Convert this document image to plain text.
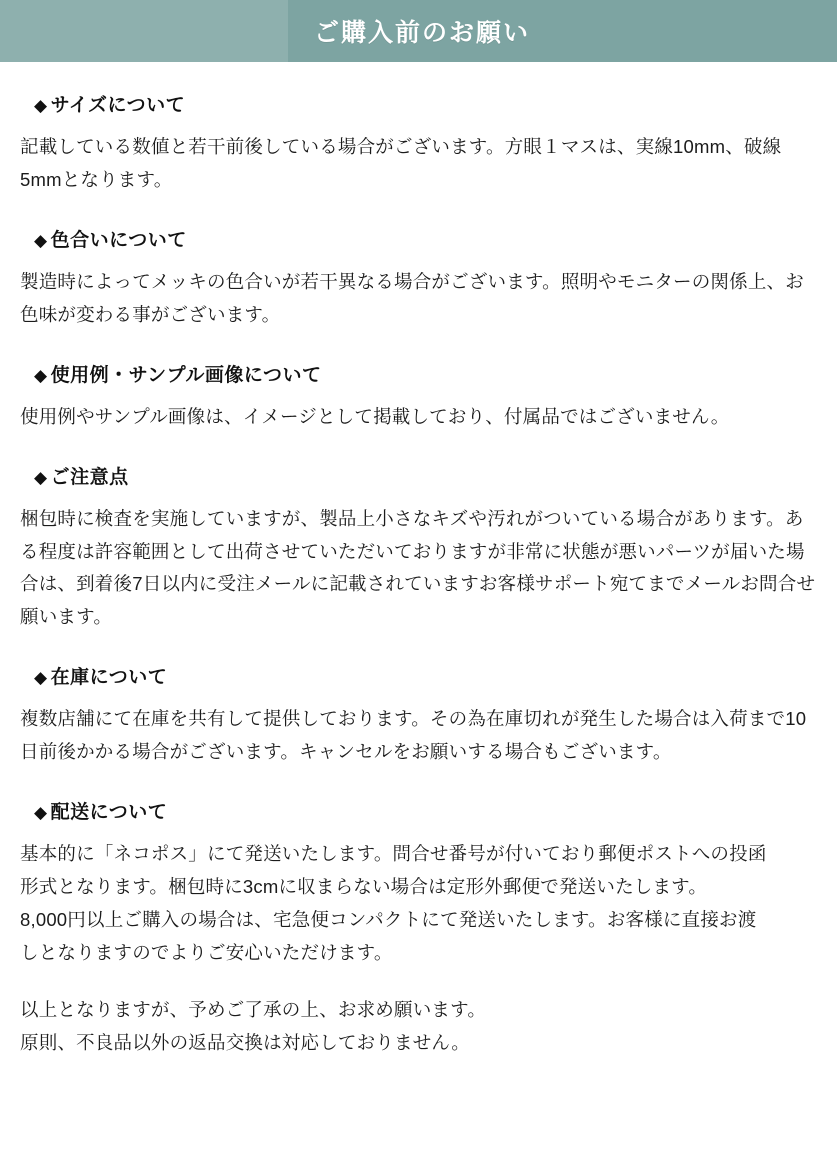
ご購入前のお願い
◆ サイズについて
記載している数値と若干前後している場合がございます。方眼１マスは、実線10mm、破線5mmとなります。
◆ 色合いについて
製造時によってメッキの色合いが若干異なる場合がございます。照明やモニターの関係上、お色味が変わる事がございます。
◆ 使用例・サンプル画像について
使用例やサンプル画像は、イメージとして掲載しており、付属品ではございません。
◆ ご注意点
梱包時に検査を実施していますが、製品上小さなキズや汚れがついている場合があります。ある程度は許容範囲として出荷させていただいておりますが非常に状態が悪いパーツが届いた場合は、到着後7日以内に受注メールに記載されていますお客様サポート宛てまでメールお問合せ願います。
◆ 在庫について
複数店舗にて在庫を共有して提供しております。その為在庫切れが発生した場合は入荷まで10日前後かかる場合がございます。キャンセルをお願いする場合もございます。
◆ 配送について
基本的に「ネコポス」にて発送いたします。問合せ番号が付いており郵便ポストへの投函
形式となります。梱包時に3cmに収まらない場合は定形外郵便で発送いたします。
8,000円以上ご購入の場合は、宅急便コンパクトにて発送いたします。お客様に直接お渡
しとなりますのでよりご安心いただけます。
以上となりますが、予めご了承の上、お求め願います。
原則、不良品以外の返品交換は対応しておりません。
